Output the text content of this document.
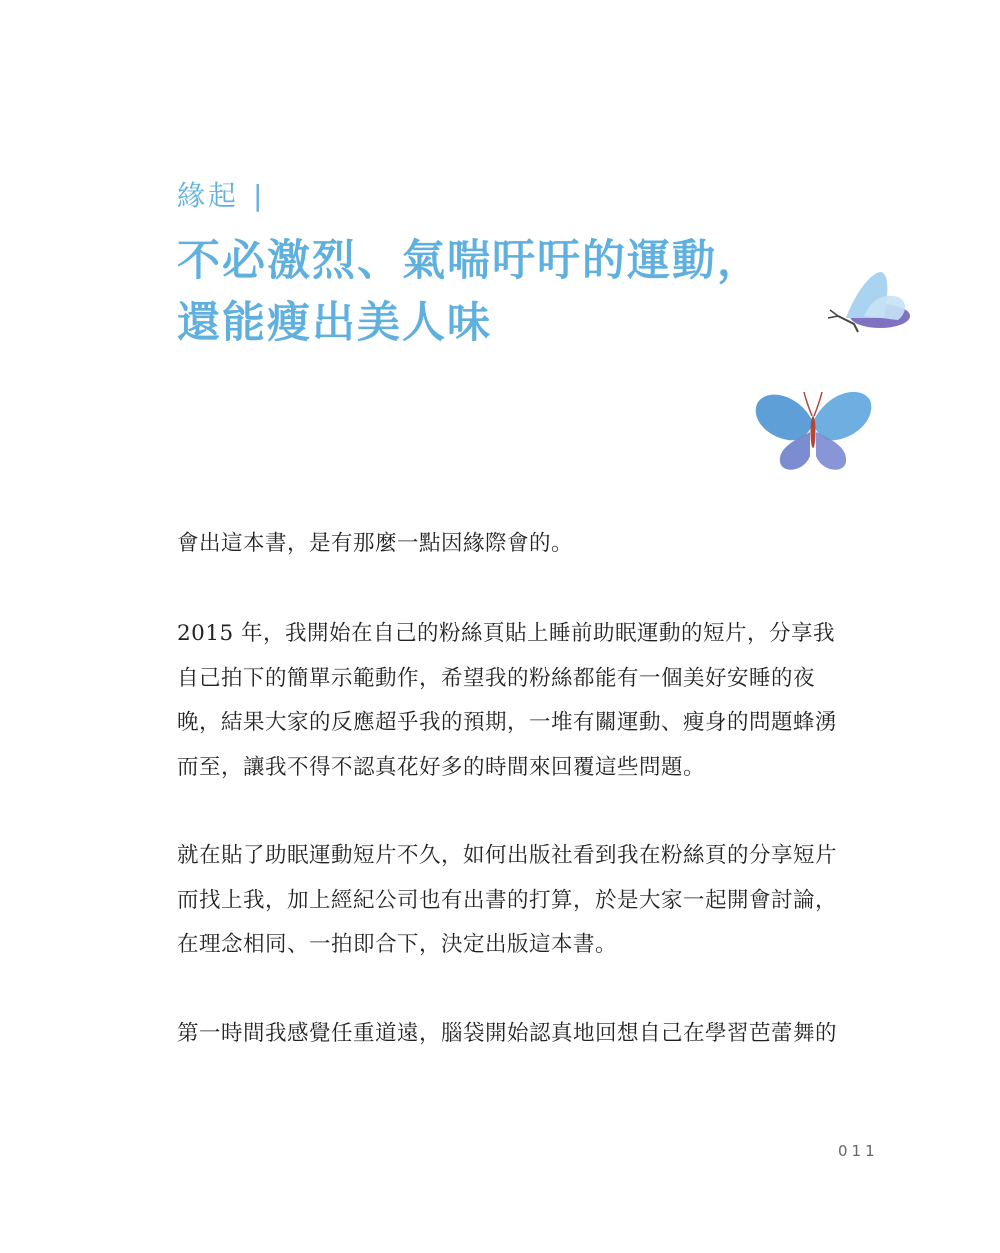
緣起 |
不必激烈、氣喘吁吁的運動，
還能瘦出美人味
會出這本書，是有那麼一點因緣際會的。
2015 年，我開始在自己的粉絲頁貼上睡前助眠運動的短片，分享我
自己拍下的簡單示範動作，希望我的粉絲都能有一個美好安睡的夜
晚，結果大家的反應超乎我的預期，一堆有關運動、瘦身的問題蜂湧
而至，讓我不得不認真花好多的時間來回覆這些問題。
就在貼了助眠運動短片不久，如何出版社看到我在粉絲頁的分享短片
而找上我，加上經紀公司也有出書的打算，於是大家一起開會討論，
在理念相同、一拍即合下，決定出版這本書。
第一時間我感覺任重道遠，腦袋開始認真地回想自己在學習芭蕾舞的
011
